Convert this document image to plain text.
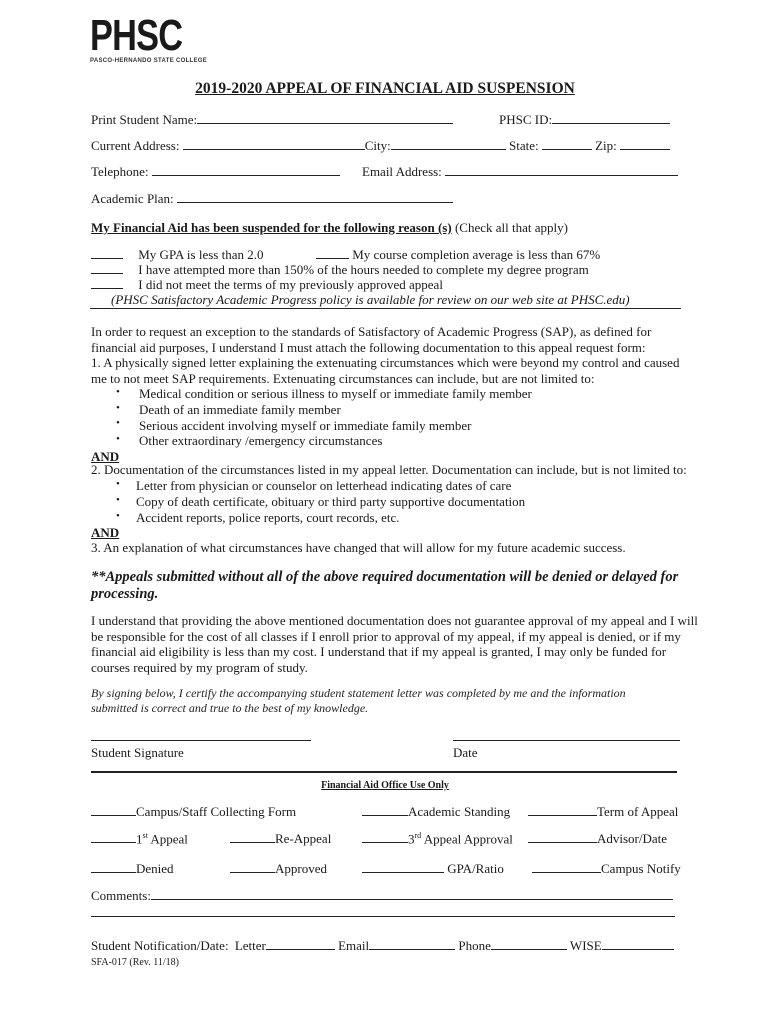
PHSC
PASCO-HERNANDO STATE COLLEGE
2019-2020 APPEAL OF FINANCIAL AID SUSPENSION
Print Student Name:	PHSC ID:
Current Address:	City:	State:	Zip:
Telephone:	Email Address:
Academic Plan:
My Financial Aid has been suspended for the following reason (s) (Check all that apply)
My GPA is less than 2.0	My course completion average is less than 67%
I have attempted more than 150% of the hours needed to complete my degree program
I did not meet the terms of my previously approved appeal
(PHSC Satisfactory Academic Progress policy is available for review on our web site at PHSC.edu)
In order to request an exception to the standards of Satisfactory of Academic Progress (SAP), as defined for
financial aid purposes, I understand I must attach the following documentation to this appeal request form:
1. A physically signed letter explaining the extenuating circumstances which were beyond my control and caused
me to not meet SAP requirements. Extenuating circumstances can include, but are not limited to:
• Medical condition or serious illness to myself or immediate family member
• Death of an immediate family member
• Serious accident involving myself or immediate family member
• Other extraordinary /emergency circumstances
AND
2. Documentation of the circumstances listed in my appeal letter. Documentation can include, but is not limited to:
• Letter from physician or counselor on letterhead indicating dates of care
• Copy of death certificate, obituary or third party supportive documentation
• Accident reports, police reports, court records, etc.
AND
3. An explanation of what circumstances have changed that will allow for my future academic success.
**Appeals submitted without all of the above required documentation will be denied or delayed for
processing.
I understand that providing the above mentioned documentation does not guarantee approval of my appeal and I will
be responsible for the cost of all classes if I enroll prior to approval of my appeal, if my appeal is denied, or if my
financial aid eligibility is less than my cost. I understand that if my appeal is granted, I may only be funded for
courses required by my program of study.
By signing below, I certify the accompanying student statement letter was completed by me and the information
submitted is correct and true to the best of my knowledge.
Student Signature	Date
Financial Aid Office Use Only
Campus/Staff Collecting Form	Academic Standing	Term of Appeal
1st Appeal	Re-Appeal	3rd Appeal Approval	Advisor/Date
Denied	Approved	GPA/Ratio	Campus Notify
Comments:
Student Notification/Date: Letter	Email	Phone	WISE
SFA-017 (Rev. 11/18)
